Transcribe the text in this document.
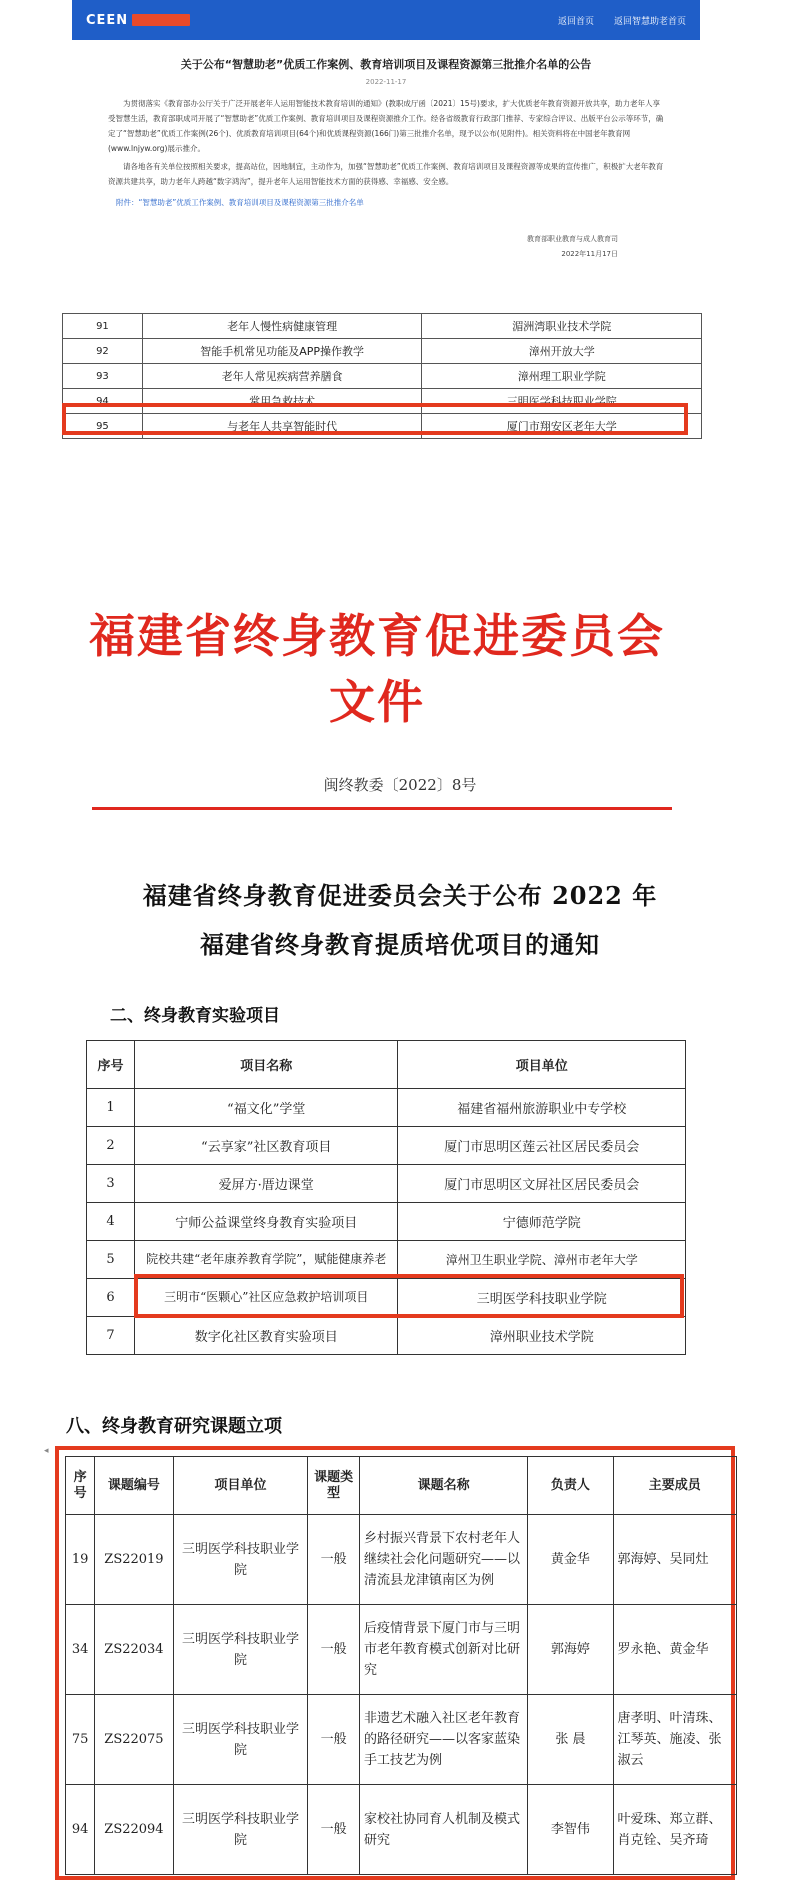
CEEN	返回首页 返回智慧助老首页
关于公布“智慧助老”优质工作案例、教育培训项目及课程资源第三批推介名单的公告
2022-11-17

为贯彻落实《教育部办公厅关于广泛开展老年人运用智能技术教育培训的通知》(教职成厅函〔2021〕15号)要求，扩大优质老年教育资源开放共享，助力老年人享受智慧生活，教育部职成司开展了“智慧助老”优质工作案例、教育培训项目及课程资源推介工作。经各省级教育行政部门推荐、专家综合评议、出版平台公示等环节，确定了“智慧助老”优质工作案例(26个)、优质教育培训项目(64个)和优质课程资源(166门)第三批推介名单，现予以公布(见附件)。相关资料将在中国老年教育网(www.lnjyw.org)展示推介。

请各地各有关单位按照相关要求，提高站位，因地制宜，主动作为，加强“智慧助老”优质工作案例、教育培训项目及课程资源等成果的宣传推广，积极扩大老年教育资源共建共享，助力老年人跨越“数字鸿沟”，提升老年人运用智能技术方面的获得感、幸福感、安全感。

附件：“智慧助老”优质工作案例、教育培训项目及课程资源第三批推介名单
教育部职业教育与成人教育司
2022年11月17日
91	老年人慢性病健康管理	湄洲湾职业技术学院
92	智能手机常见功能及APP操作教学	漳州开放大学
93	老年人常见疾病营养膳食	漳州理工职业学院
94	常用急救技术	三明医学科技职业学院
95	与老年人共享智能时代	厦门市翔安区老年大学
福建省终身教育促进委员会文件
闽终教委〔2022〕8号
福建省终身教育促进委员会关于公布 2022 年
福建省终身教育提质培优项目的通知
二、终身教育实验项目
序号	项目名称	项目单位
1	“福文化”学堂	福建省福州旅游职业中专学校
2	“云享家”社区教育项目	厦门市思明区莲云社区居民委员会
3	爱屏方·厝边课堂	厦门市思明区文屏社区居民委员会
4	宁师公益课堂终身教育实验项目	宁德师范学院
5	院校共建“老年康养教育学院”，赋能健康养老	漳州卫生职业学院、漳州市老年大学
6	三明市“医颗心”社区应急救护培训项目	三明医学科技职业学院
7	数字化社区教育实验项目	漳州职业技术学院
八、终身教育研究课题立项
◂
序号	课题编号	项目单位	课题类型	课题名称	负责人	主要成员
19	ZS22019	三明医学科技职业学院	一般	乡村振兴背景下农村老年人继续社会化问题研究——以清流县龙津镇南区为例	黄金华	郭海婷、吴同灶
34	ZS22034	三明医学科技职业学院	一般	后疫情背景下厦门市与三明市老年教育模式创新对比研究	郭海婷	罗永艳、黄金华
75	ZS22075	三明医学科技职业学院	一般	非遗艺术融入社区老年教育的路径研究——以客家蓝染手工技艺为例	张 晨	唐孝明、叶清珠、江琴英、施凌、张淑云
94	ZS22094	三明医学科技职业学院	一般	家校社协同育人机制及模式研究	李智伟	叶爱珠、郑立群、肖克铨、吴齐琦
